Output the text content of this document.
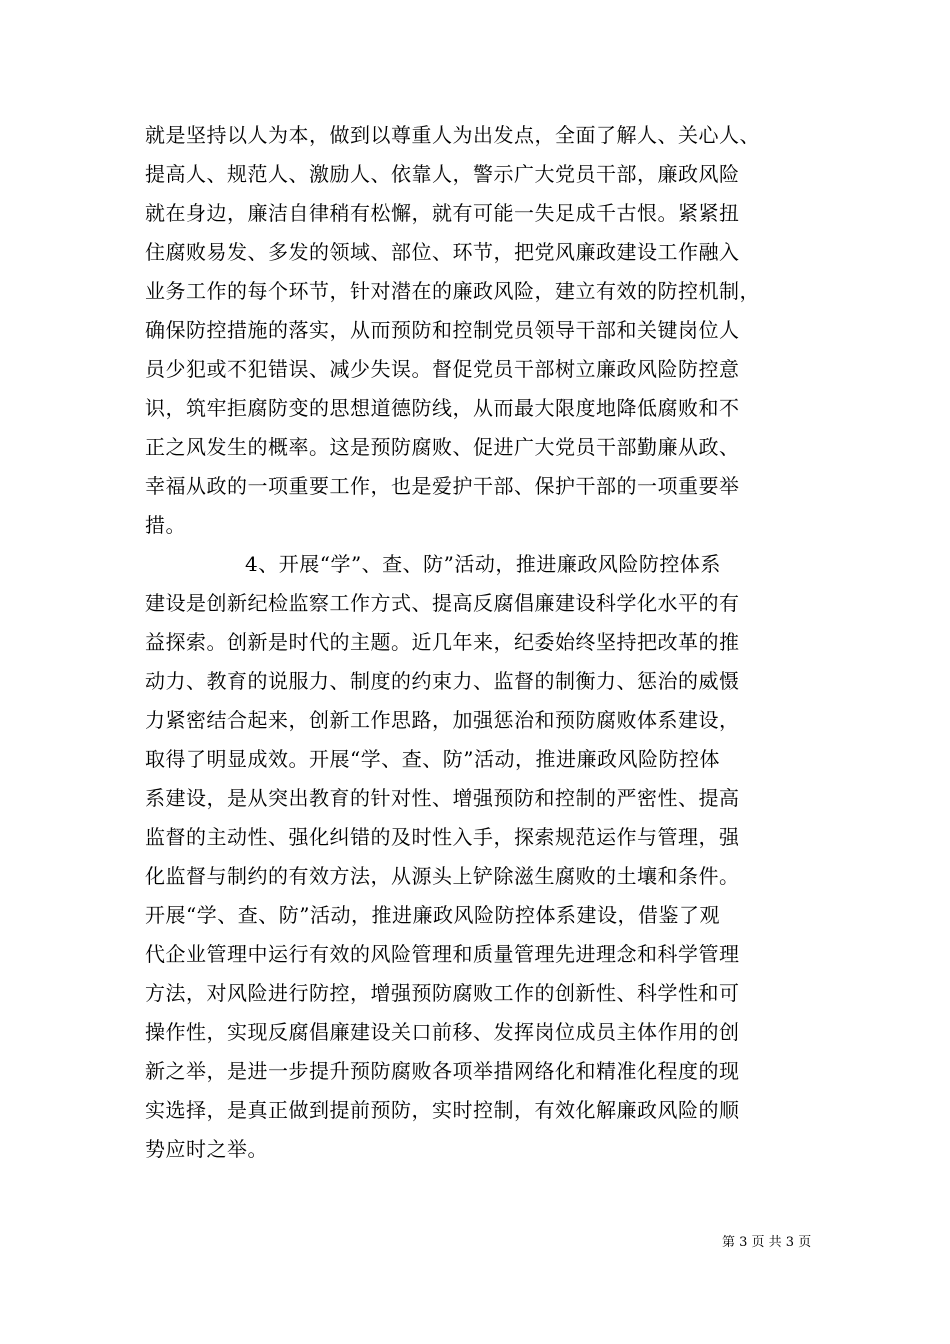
就是坚持以人为本，做到以尊重人为出发点，全面了解人、关心人、
提高人、规范人、激励人、依靠人，警示广大党员干部，廉政风险
就在身边，廉洁自律稍有松懈，就有可能一失足成千古恨。紧紧扭
住腐败易发、多发的领域、部位、环节，把党风廉政建设工作融入
业务工作的每个环节，针对潜在的廉政风险，建立有效的防控机制，
确保防控措施的落实，从而预防和控制党员领导干部和关键岗位人
员少犯或不犯错误、减少失误。督促党员干部树立廉政风险防控意
识，筑牢拒腐防变的思想道德防线，从而最大限度地降低腐败和不
正之风发生的概率。这是预防腐败、促进广大党员干部勤廉从政、
幸福从政的一项重要工作，也是爱护干部、保护干部的一项重要举
措。
4、开展“学”、查、防”活动，推进廉政风险防控体系
建设是创新纪检监察工作方式、提高反腐倡廉建设科学化水平的有
益探索。创新是时代的主题。近几年来，纪委始终坚持把改革的推
动力、教育的说服力、制度的约束力、监督的制衡力、惩治的威慑
力紧密结合起来，创新工作思路，加强惩治和预防腐败体系建设，
取得了明显成效。开展“学、查、防”活动，推进廉政风险防控体
系建设，是从突出教育的针对性、增强预防和控制的严密性、提高
监督的主动性、强化纠错的及时性入手，探索规范运作与管理，强
化监督与制约的有效方法，从源头上铲除滋生腐败的土壤和条件。
开展“学、查、防”活动，推进廉政风险防控体系建设，借鉴了观
代企业管理中运行有效的风险管理和质量管理先进理念和科学管理
方法，对风险进行防控，增强预防腐败工作的创新性、科学性和可
操作性，实现反腐倡廉建设关口前移、发挥岗位成员主体作用的创
新之举，是进一步提升预防腐败各项举措网络化和精准化程度的现
实选择，是真正做到提前预防，实时控制，有效化解廉政风险的顺
势应时之举。
第 3 页 共 3 页
